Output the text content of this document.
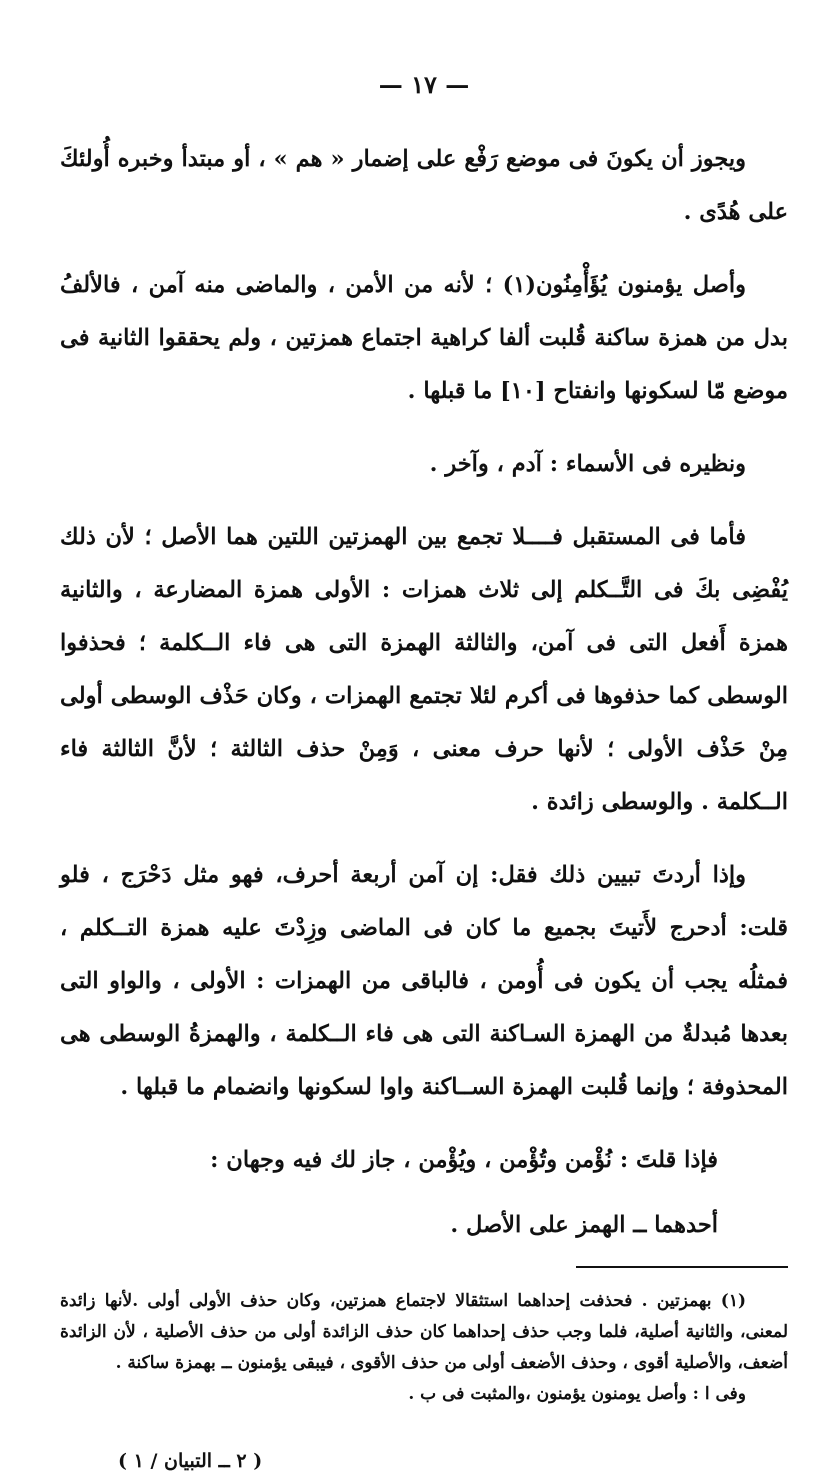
— ١٧ —

ويجوز أن يكونَ فى موضع رَفْع على إضمار « هم » ، أو مبتدأ وخبره أُولئكَ على هُدًى .

وأصل يؤمنون يُؤَأْمِنُون(١) ؛ لأنه من الأمن ، والماضى منه آمن ، فالألفُ بدل من همزة ساكنة قُلبت ألفا كراهية اجتماع همزتين ، ولم يحققوا الثانية فى موضع مّا لسكونها وانفتاح [١٠] ما قبلها .

ونظيره فى الأسماء : آدم ، وآخر .

فأما فى المستقبل فــــلا تجمع بين الهمزتين اللتين هما الأصل ؛ لأن ذلك يُفْضِى بكَ فى التَّــكلم إلى ثلاث همزات : الأولى همزة المضارعة ، والثانية همزة أَفعل التى فى آمن، والثالثة الهمزة التى هى فاء الــكلمة ؛ فحذفوا الوسطى كما حذفوها فى أكرم لئلا تجتمع الهمزات ، وكان حَذْف الوسطى أولى مِنْ حَذْف الأولى ؛ لأنها حرف معنى ، وَمِنْ حذف الثالثة ؛ لأنَّ الثالثة فاء الــكلمة . والوسطى زائدة .

وإذا أردتَ تبيين ذلك فقل: إن آمن أربعة أحرف، فهو مثل دَحْرَج ، فلو قلت: أدحرج لأَتيتَ بجميع ما كان فى الماضى وزِدْتَ عليه همزة التــكلم ، فمثلُه يجب أن يكون فى أُومن ، فالباقى من الهمزات : الأولى ، والواو التى بعدها مُبدلةٌ من الهمزة السـاكنة التى هى فاء الــكلمة ، والهمزةُ الوسطى هى المحذوفة ؛ وإنما قُلبت الهمزة الســاكنة واوا لسكونها وانضمام ما قبلها .

فإذا قلتَ : نُؤْمن وتُؤْمن ، ويُؤْمن ، جاز لك فيه وجهان :

أحدهما ــ الهمز على الأصل .

(١) بهمزتين . فحذفت إحداهما استثقالا لاجتماع همزتين، وكان حذف الأولى أولى .لأنها زائدة لمعنى، والثانية أصلية، فلما وجب حذف إحداهما كان حذف الزائدة أولى من حذف الأصلية ، لأن الزائدة أضعف، والأصلية أقوى ، وحذف الأضعف أولى من حذف الأقوى ، فيبقى يؤمنون ــ بهمزة ساكنة .

وفى ا : وأصل يومنون يؤمنون ،والمثبت فى ب .

( ٢ ــ التبيان / ١ )
